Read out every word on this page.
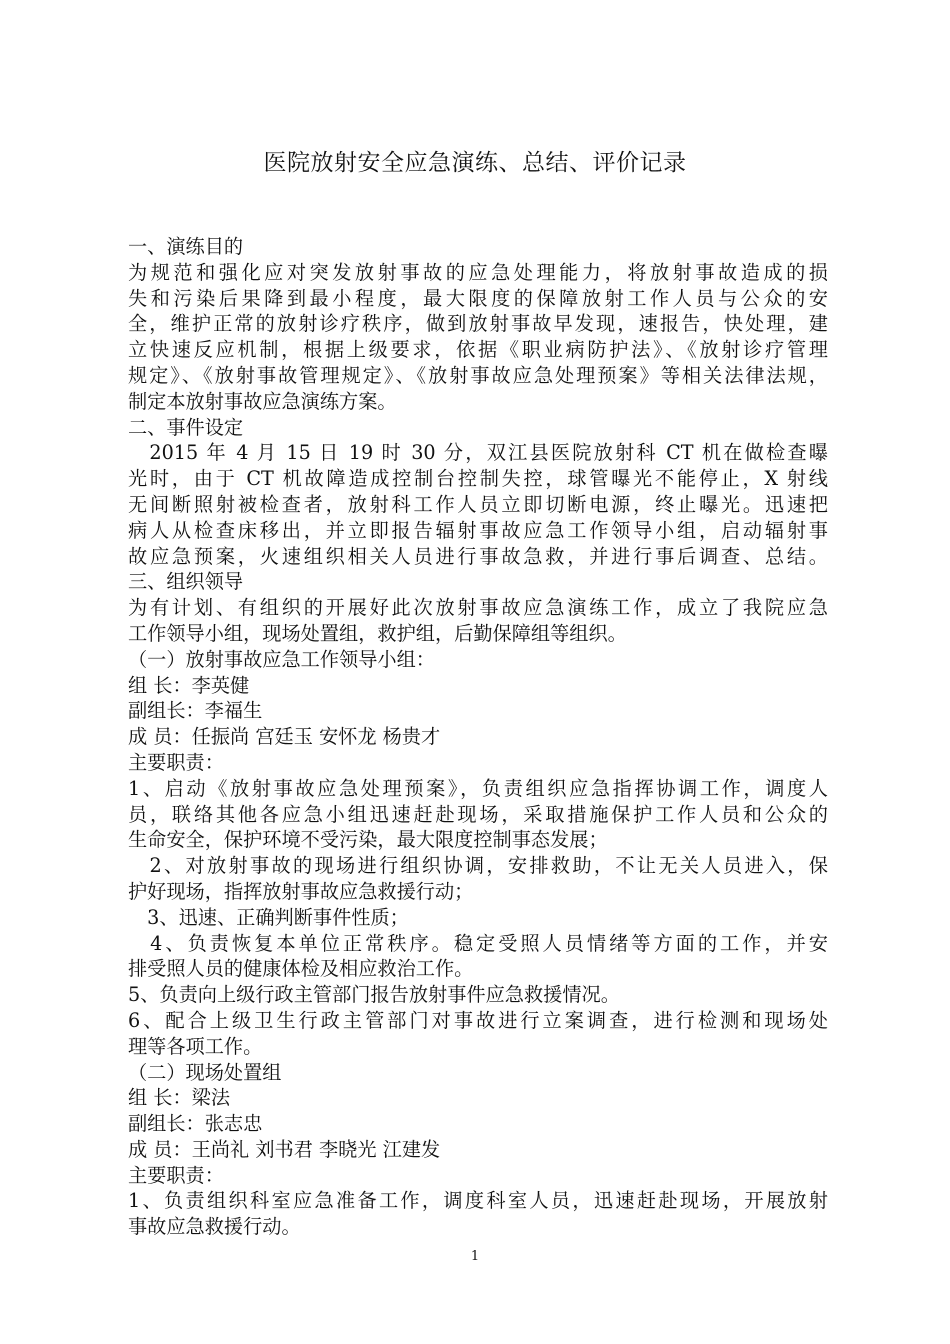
医院放射安全应急演练、总结、评价记录
一、演练目的
为规范和强化应对突发放射事故的应急处理能力，将放射事故造成的损
失和污染后果降到最小程度，最大限度的保障放射工作人员与公众的安
全，维护正常的放射诊疗秩序，做到放射事故早发现，速报告，快处理，建
立快速反应机制，根据上级要求，依据《职业病防护法》、《放射诊疗管理
规定》、《放射事故管理规定》、《放射事故应急处理预案》等相关法律法规，
制定本放射事故应急演练方案。
二、事件设定
　2015 年 4 月 15 日 19 时 30 分，双江县医院放射科 CT 机在做检查曝
光时，由于 CT 机故障造成控制台控制失控，球管曝光不能停止，X 射线
无间断照射被检查者，放射科工作人员立即切断电源，终止曝光。迅速把
病人从检查床移出，并立即报告辐射事故应急工作领导小组，启动辐射事
故应急预案，火速组织相关人员进行事故急救，并进行事后调查、总结。
三、组织领导
为有计划、有组织的开展好此次放射事故应急演练工作，成立了我院应急
工作领导小组，现场处置组，救护组，后勤保障组等组织。
（一）放射事故应急工作领导小组：
组 长：李英健
副组长：李福生
成 员：任振尚 宫廷玉 安怀龙 杨贵才
主要职责：
1、启动《放射事故应急处理预案》，负责组织应急指挥协调工作，调度人
员，联络其他各应急小组迅速赶赴现场，采取措施保护工作人员和公众的
生命安全，保护环境不受污染，最大限度控制事态发展；
　2、对放射事故的现场进行组织协调，安排救助，不让无关人员进入，保
护好现场，指挥放射事故应急救援行动；
　3、迅速、正确判断事件性质；
　4、负责恢复本单位正常秩序。稳定受照人员情绪等方面的工作，并安
排受照人员的健康体检及相应救治工作。
5、负责向上级行政主管部门报告放射事件应急救援情况。
6、配合上级卫生行政主管部门对事故进行立案调查，进行检测和现场处
理等各项工作。
（二）现场处置组
组 长：梁法
副组长：张志忠
成 员：王尚礼 刘书君 李晓光 江建发
主要职责：
1、负责组织科室应急准备工作，调度科室人员，迅速赶赴现场，开展放射
事故应急救援行动。
1
